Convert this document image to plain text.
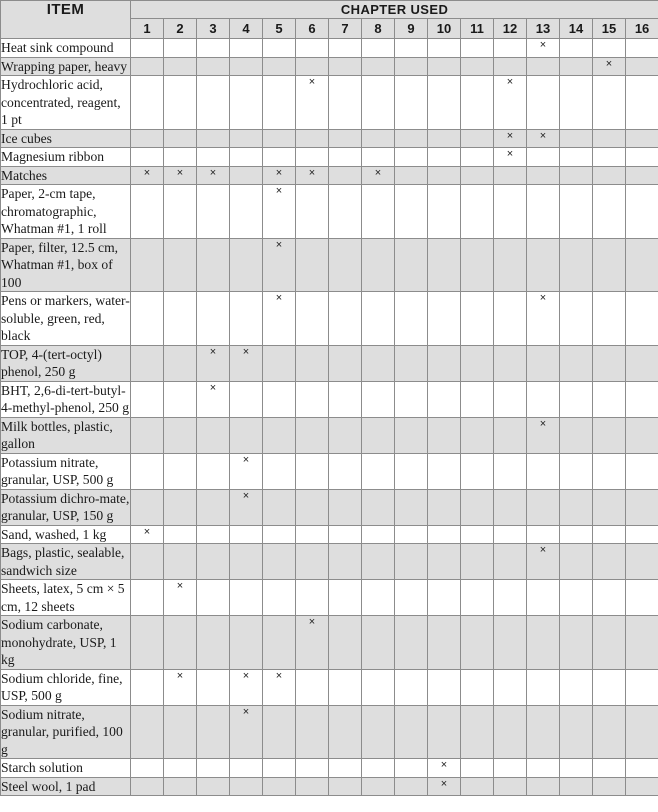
ITEM	CHAPTER USED															
	1	2	3	4	5	6	7	8	9	10	11	12	13	14	15	16
Heat sink compound													×			
Wrapping paper, heavy															×	
Hydrochloric acid, concentrated, reagent, 1 pt						×						×				
Ice cubes												×	×			
Magnesium ribbon												×				
Matches	×	×	×		×	×		×								
Paper, 2-cm tape, chromatographic, Whatman #1, 1 roll					×											
Paper, filter, 12.5 cm, Whatman #1, box of 100					×											
Pens or markers, water-soluble, green, red, black					×								×			
TOP, 4-(tert-octyl) phenol, 250 g			×	×												
BHT, 2,6-di-tert-butyl-4-methyl-phenol, 250 g			×													
Milk bottles, plastic, gallon													×			
Potassium nitrate, granular, USP, 500 g				×												
Potassium dichro-mate, granular, USP, 150 g				×												
Sand, washed, 1 kg	×															
Bags, plastic, sealable, sandwich size													×			
Sheets, latex, 5 cm × 5 cm, 12 sheets		×														
Sodium carbonate, monohydrate, USP, 1 kg						×										
Sodium chloride, fine, USP, 500 g		×		×	×											
Sodium nitrate, granular, purified, 100 g				×												
Starch solution										×						
Steel wool, 1 pad										×						
